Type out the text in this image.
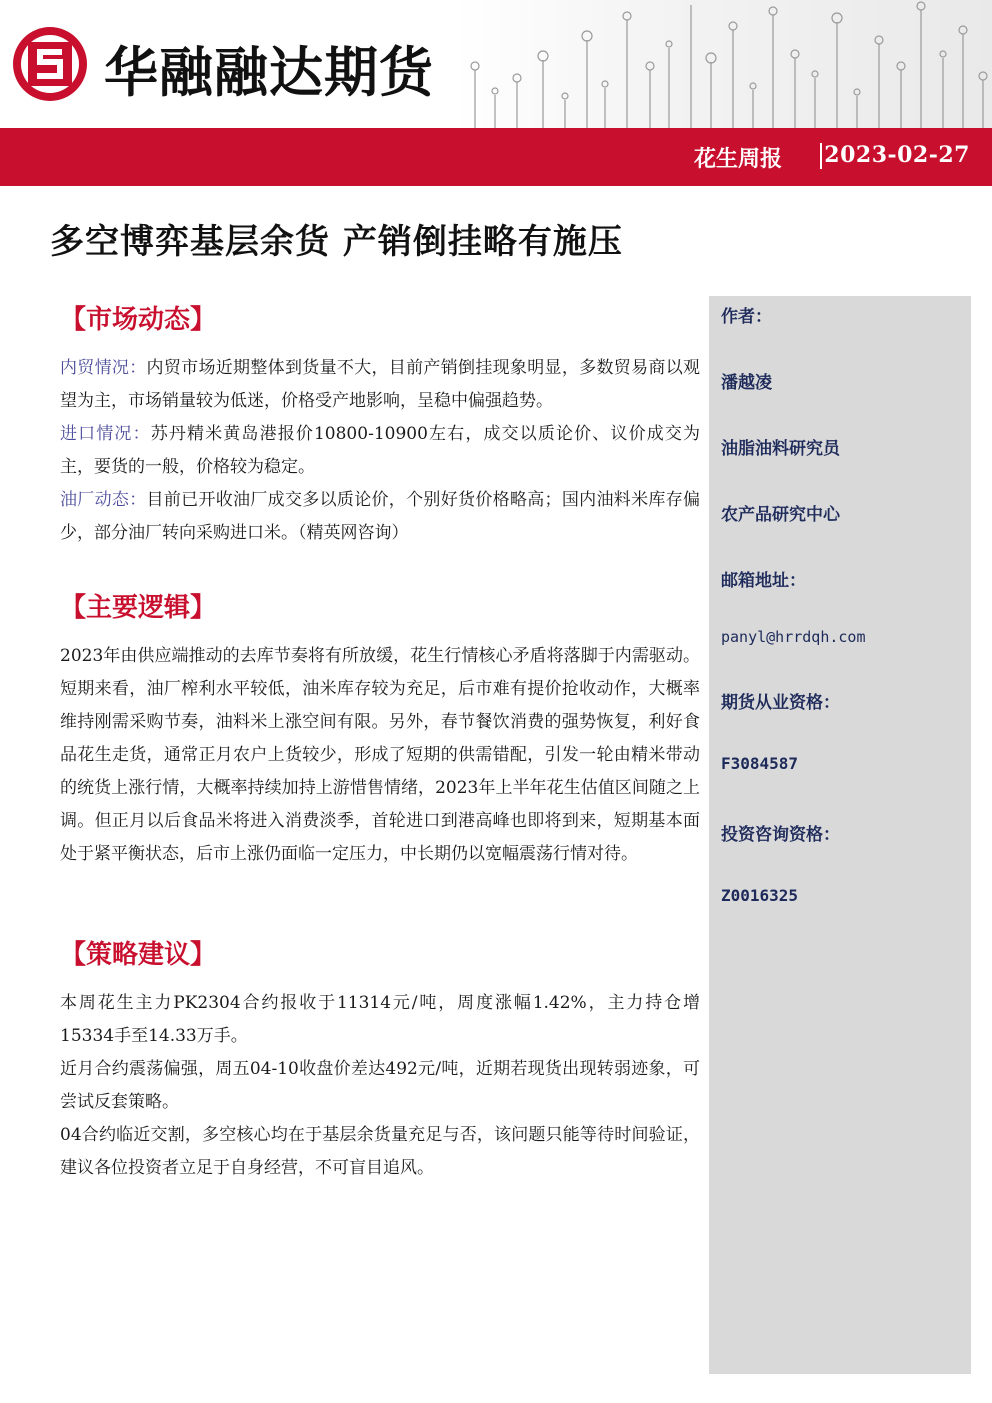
华融融达期货
花生周报 2023-02-27
多空博弈基层余货 产销倒挂略有施压
【市场动态】

内贸情况：内贸市场近期整体到货量不大，目前产销倒挂现象明显，多数贸易商以观望为主，市场销量较为低迷，价格受产地影响，呈稳中偏强趋势。

进口情况：苏丹精米黄岛港报价10800-10900左右，成交以质论价、议价成交为主，要货的一般，价格较为稳定。

油厂动态：目前已开收油厂成交多以质论价，个别好货价格略高；国内油料米库存偏少，部分油厂转向采购进口米。（精英网咨询）

【主要逻辑】

2023年由供应端推动的去库节奏将有所放缓，花生行情核心矛盾将落脚于内需驱动。短期来看，油厂榨利水平较低，油米库存较为充足，后市难有提价抢收动作，大概率维持刚需采购节奏，油料米上涨空间有限。另外，春节餐饮消费的强势恢复，利好食品花生走货，通常正月农户上货较少，形成了短期的供需错配，引发一轮由精米带动的统货上涨行情，大概率持续加持上游惜售情绪，2023年上半年花生估值区间随之上调。但正月以后食品米将进入消费淡季，首轮进口到港高峰也即将到来，短期基本面处于紧平衡状态，后市上涨仍面临一定压力，中长期仍以宽幅震荡行情对待。

【策略建议】

本周花生主力PK2304合约报收于11314元/吨，周度涨幅1.42%，主力持仓增15334手至14.33万手。

近月合约震荡偏强，周五04-10收盘价差达492元/吨，近期若现货出现转弱迹象，可尝试反套策略。

04合约临近交割，多空核心均在于基层余货量充足与否，该问题只能等待时间验证，建议各位投资者立足于自身经营，不可盲目追风。

作者：
潘越凌
油脂油料研究员
农产品研究中心
邮箱地址：
panyl@hrrdqh.com
期货从业资格：
F3084587
投资咨询资格：
Z0016325
